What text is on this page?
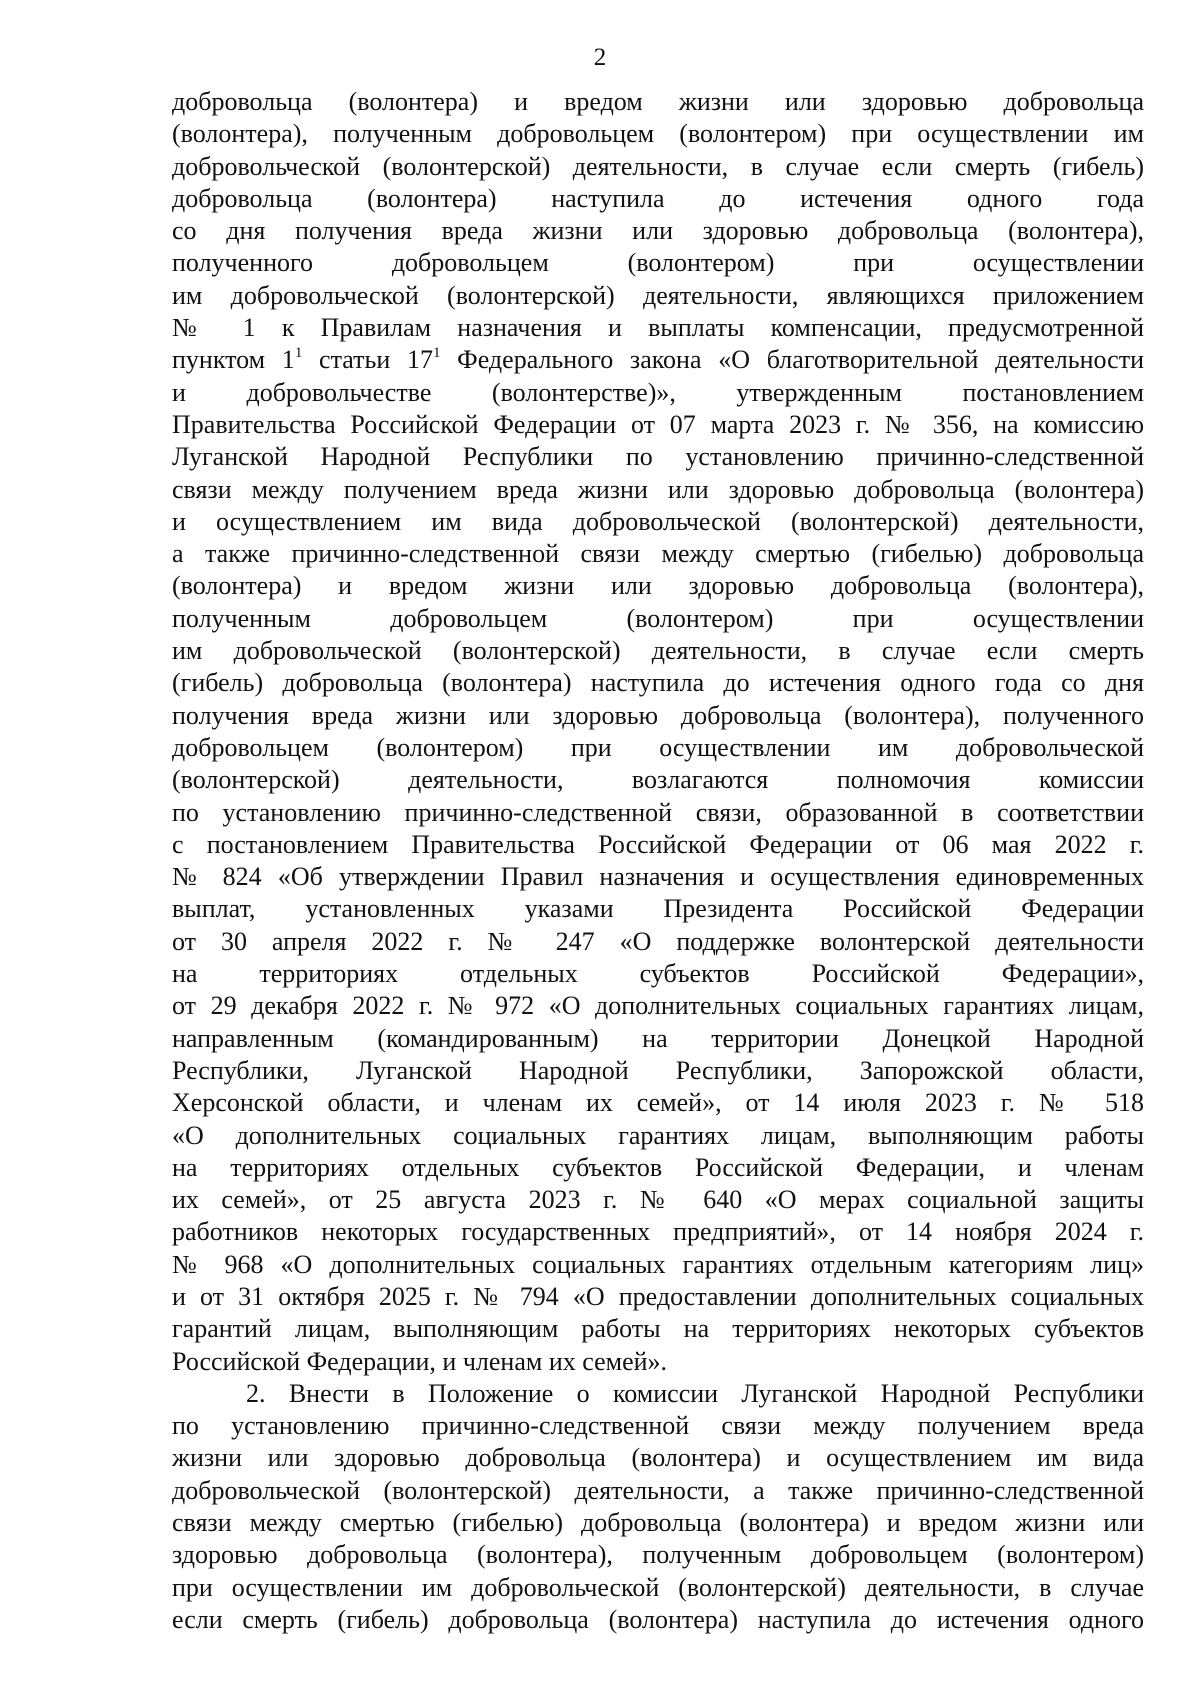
2

добровольца (волонтера) и вредом жизни или здоровью добровольца
(волонтера), полученным добровольцем (волонтером) при осуществлении им
добровольческой (волонтерской) деятельности, в случае если смерть (гибель)
добровольца (волонтера) наступила до истечения одного года
со дня получения вреда жизни или здоровью добровольца (волонтера),
полученного добровольцем (волонтером) при осуществлении
им добровольческой (волонтерской) деятельности, являющихся приложением
№ 1 к Правилам назначения и выплаты компенсации, предусмотренной
пунктом $1^1$ статьи $17^1$ Федерального закона «О благотворительной деятельности
и добровольчестве (волонтерстве)», утвержденным постановлением
Правительства Российской Федерации от 07 марта 2023 г. № 356, на комиссию
Луганской Народной Республики по установлению причинно-следственной
связи между получением вреда жизни или здоровью добровольца (волонтера)
и осуществлением им вида добровольческой (волонтерской) деятельности,
а также причинно-следственной связи между смертью (гибелью) добровольца
(волонтера) и вредом жизни или здоровью добровольца (волонтера),
полученным добровольцем (волонтером) при осуществлении
им добровольческой (волонтерской) деятельности, в случае если смерть
(гибель) добровольца (волонтера) наступила до истечения одного года со дня
получения вреда жизни или здоровью добровольца (волонтера), полученного
добровольцем (волонтером) при осуществлении им добровольческой
(волонтерской) деятельности, возлагаются полномочия комиссии
по установлению причинно-следственной связи, образованной в соответствии
с постановлением Правительства Российской Федерации от 06 мая 2022 г.
№ 824 «Об утверждении Правил назначения и осуществления единовременных
выплат, установленных указами Президента Российской Федерации
от 30 апреля 2022 г. № 247 «О поддержке волонтерской деятельности
на территориях отдельных субъектов Российской Федерации»,
от 29 декабря 2022 г. № 972 «О дополнительных социальных гарантиях лицам,
направленным (командированным) на территории Донецкой Народной
Республики, Луганской Народной Республики, Запорожской области,
Херсонской области, и членам их семей», от 14 июля 2023 г. № 518
«О дополнительных социальных гарантиях лицам, выполняющим работы
на территориях отдельных субъектов Российской Федерации, и членам
их семей», от 25 августа 2023 г. № 640 «О мерах социальной защиты
работников некоторых государственных предприятий», от 14 ноября 2024 г.
№ 968 «О дополнительных социальных гарантиях отдельным категориям лиц»
и от 31 октября 2025 г. № 794 «О предоставлении дополнительных социальных
гарантий лицам, выполняющим работы на территориях некоторых субъектов
Российской Федерации, и членам их семей».

2. Внести в Положение о комиссии Луганской Народной Республики
по установлению причинно-следственной связи между получением вреда
жизни или здоровью добровольца (волонтера) и осуществлением им вида
добровольческой (волонтерской) деятельности, а также причинно-следственной
связи между смертью (гибелью) добровольца (волонтера) и вредом жизни или
здоровью добровольца (волонтера), полученным добровольцем (волонтером)
при осуществлении им добровольческой (волонтерской) деятельности, в случае
если смерть (гибель) добровольца (волонтера) наступила до истечения одного
